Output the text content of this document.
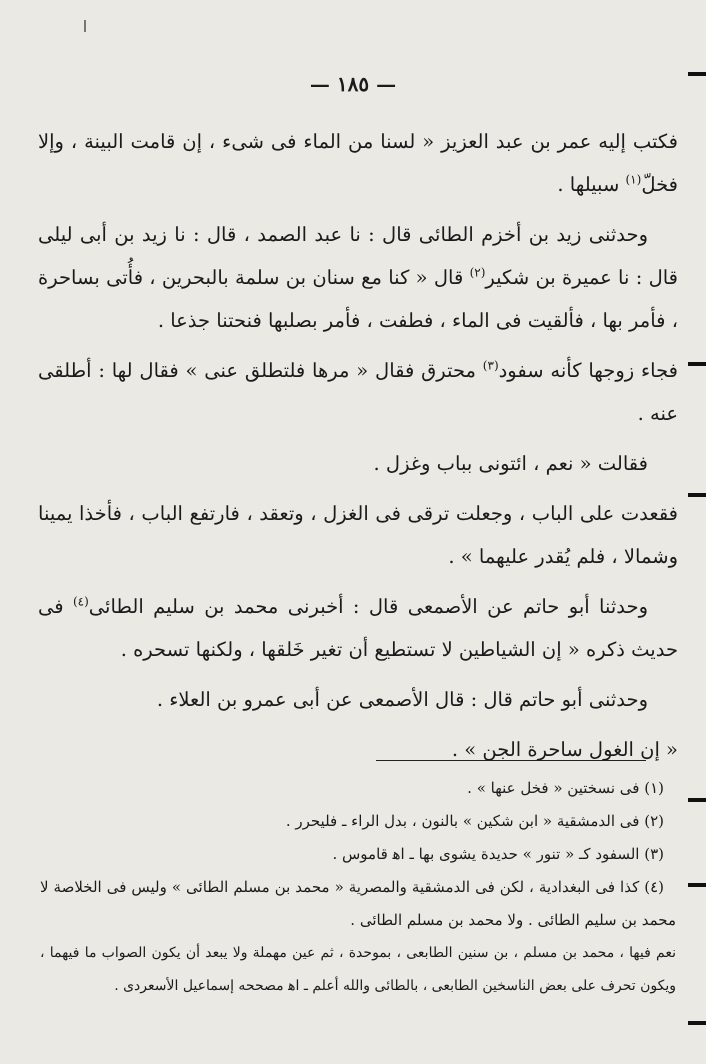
— ١٨٥ —

فكتب إليه عمر بن عبد العزيز « لسنا من الماء فى شىء ، إن قامت البينة ، وإلا فخلّ$^{(١)}$ سبيلها .

وحدثنى زيد بن أخزم الطائى قال : نا عبد الصمد ، قال : نا زيد بن أبى ليلى قال : نا عميرة بن شكير$^{(٢)}$ قال « كنا مع سنان بن سلمة بالبحرين ، فأُتى بساحرة ، فأمر بها ، فألقيت فى الماء ، فطفت ، فأمر بصلبها فنحتنا جذعا .

فجاء زوجها كأنه سفود$^{(٣)}$ محترق فقال « مرها فلتطلق عنى » فقال لها : أطلقى عنه .

فقالت « نعم ، ائتونى بباب وغزل .

فقعدت على الباب ، وجعلت ترقى فى الغزل ، وتعقد ، فارتفع الباب ، فأخذا يمينا وشمالا ، فلم يُقدر عليهما » .

وحدثنا أبو حاتم عن الأصمعى قال : أخبرنى محمد بن سليم الطائى$^{(٤)}$ فى حديث ذكره « إن الشياطين لا تستطيع أن تغير خَلقها ، ولكنها تسحره .

وحدثنى أبو حاتم قال : قال الأصمعى عن أبى عمرو بن العلاء .

« إن الغول ساحرة الجن » .

(١) فى نسختين « فخل عنها » .

(٢) فى الدمشقية « ابن شكين » بالنون ، بدل الراء ـ فليحرر .

(٣) السفود كـ « تنور » حديدة يشوى بها ـ اﻫ قاموس .

(٤) كذا فى البغدادية ، لكن فى الدمشقية والمصرية « محمد بن مسلم الطائى » وليس فى الخلاصة لا محمد بن سليم الطائى . ولا محمد بن مسلم الطائى .

نعم فيها ، محمد بن مسلم ، بن سنين الطابعى ، بموحدة ، ثم عين مهملة ولا يبعد أن يكون الصواب ما فيهما ، ويكون تحرف على بعض الناسخين الطابعى ، بالطائى والله أعلم ـ اﻫ مصححه إسماعيل الأسعردى .
